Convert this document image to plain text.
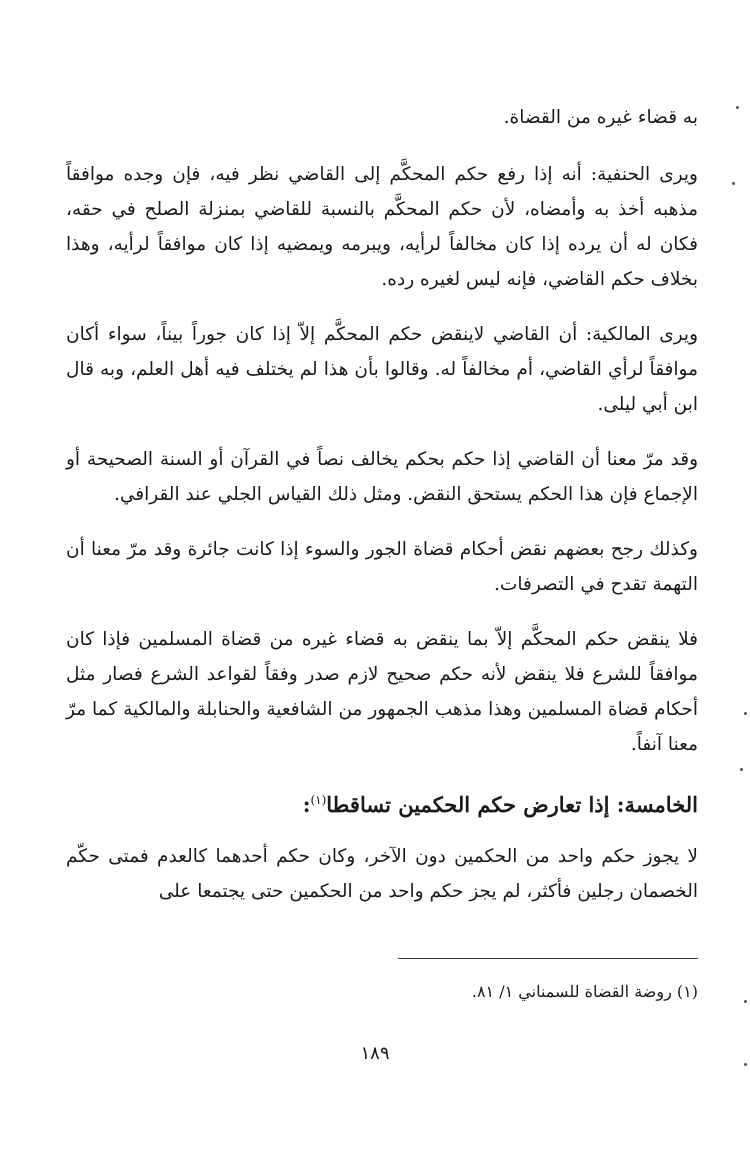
به قضاء غيره من القضاة.

ويرى الحنفية: أنه إذا رفع حكم المحكَّم إلى القاضي نظر فيه، فإن وجده موافقاً مذهبه أخذ به وأمضاه، لأن حكم المحكَّم بالنسبة للقاضي بمنزلة الصلح في حقه، فكان له أن يرده إذا كان مخالفاً لرأيه، ويبرمه ويمضيه إذا كان موافقاً لرأيه، وهذا بخلاف حكم القاضي، فإنه ليس لغيره رده.

ويرى المالكية: أن القاضي لاينقض حكم المحكَّم إلاّ إذا كان جوراً بيناً، سواء أكان موافقاً لرأي القاضي، أم مخالفاً له. وقالوا بأن هذا لم يختلف فيه أهل العلم، وبه قال ابن أبي ليلى.

وقد مرّ معنا أن القاضي إذا حكم بحكم يخالف نصاً في القرآن أو السنة الصحيحة أو الإجماع فإن هذا الحكم يستحق النقض. ومثل ذلك القياس الجلي عند القرافي.

وكذلك رجح بعضهم نقض أحكام قضاة الجور والسوء إذا كانت جائرة وقد مرّ معنا أن التهمة تقدح في التصرفات.

فلا ينقض حكم المحكَّم إلاّ بما ينقض به قضاء غيره من قضاة المسلمين فإذا كان موافقاً للشرع فلا ينقض لأنه حكم صحيح لازم صدر وفقاً لقواعد الشرع فصار مثل أحكام قضاة المسلمين وهذا مذهب الجمهور من الشافعية والحنابلة والمالكية كما مرّ معنا آنفاً.

الخامسة: إذا تعارض حكم الحكمين تساقطا$^{(١)}$:

لا يجوز حكم واحد من الحكمين دون الآخر، وكان حكم أحدهما كالعدم فمتى حكّم الخصمان رجلين فأكثر، لم يجز حكم واحد من الحكمين حتى يجتمعا على

(١) روضة القضاة للسمناني ١/ ٨١.
١٨٩
